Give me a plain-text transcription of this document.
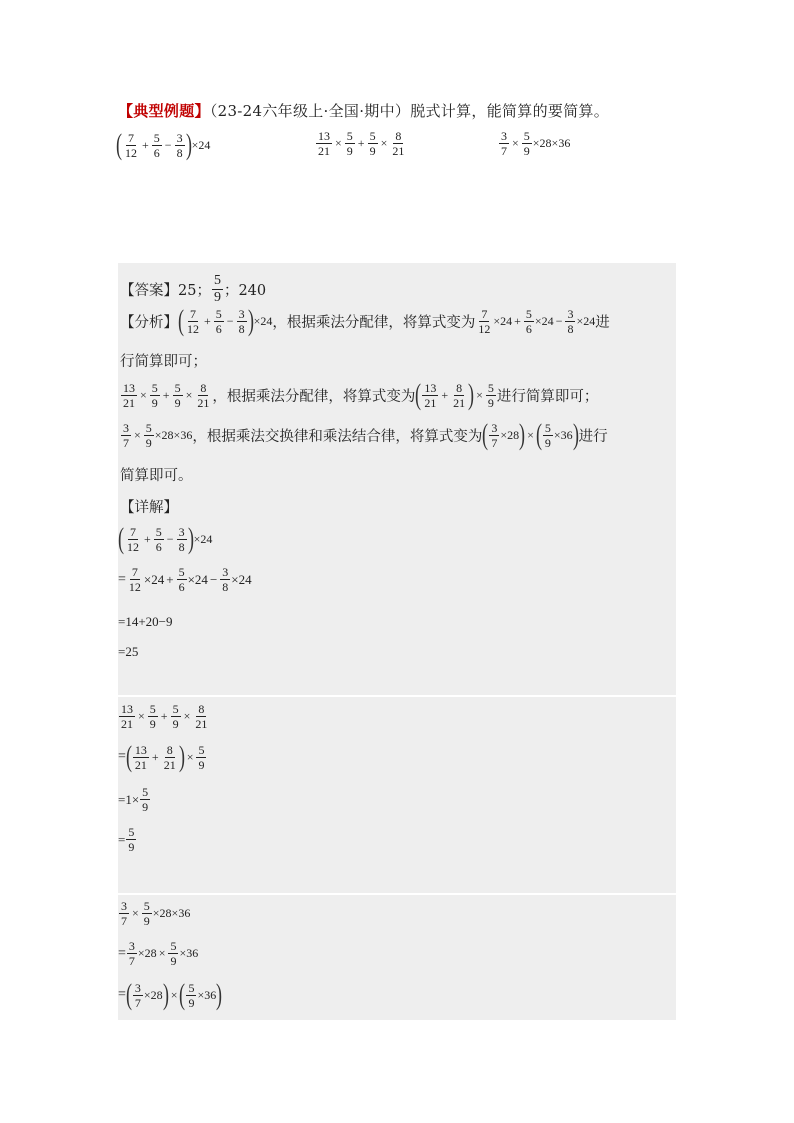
【典型例题】（23-24六年级上·全国·期中）脱式计算，能简算的要简算。
( $\frac{7}{12} + \frac{5}{6} - \frac{3}{8}$ ) ×24	$\frac{13}{21} \times \frac{5}{9} + \frac{5}{9} \times \frac{8}{21}$	$\frac{3}{7} \times \frac{5}{9} \times 28\times 36$
【答案】 25； $\frac{5}{9}$ ；240
【分析】 ( $\frac{7}{12} + \frac{5}{6} - \frac{3}{8}$ ) ×24 ，根据乘法分配律，将算式变为 $\frac{7}{12} \times 24 + \frac{5}{6} \times 24 - \frac{3}{8} \times 24$ 进
行简算即可；
$\frac{13}{21} \times \frac{5}{9} + \frac{5}{9} \times \frac{8}{21}$ ，根据乘法分配律，将算式变为 ( $\frac{13}{21} + \frac{8}{21}$ ) × $\frac{5}{9}$ 进行简算即可；
$\frac{3}{7} \times \frac{5}{9} \times 28\times 36$ ，根据乘法交换律和乘法结合律，将算式变为 ( $\frac{3}{7} \times 28$ ) × ( $\frac{5}{9} \times 36$ ) 进行
简算即可。
【详解】
( $\frac{7}{12} + \frac{5}{6} - \frac{3}{8}$ ) ×24
= $\frac{7}{12} \times 24 + \frac{5}{6} \times 24 - \frac{3}{8} \times 24$
=14+20−9
=25
$\frac{13}{21} \times \frac{5}{9} + \frac{5}{9} \times \frac{8}{21}$
= ( $\frac{13}{21} + \frac{8}{21}$ ) × $\frac{5}{9}$
$=1\times \frac{5}{9}$
= $\frac{5}{9}$
$\frac{3}{7} \times \frac{5}{9} \times 28\times 36$
= $\frac{3}{7} \times 28 \times \frac{5}{9} \times 36$
= ( $\frac{3}{7} \times 28$ ) × ( $\frac{5}{9} \times 36$ )
